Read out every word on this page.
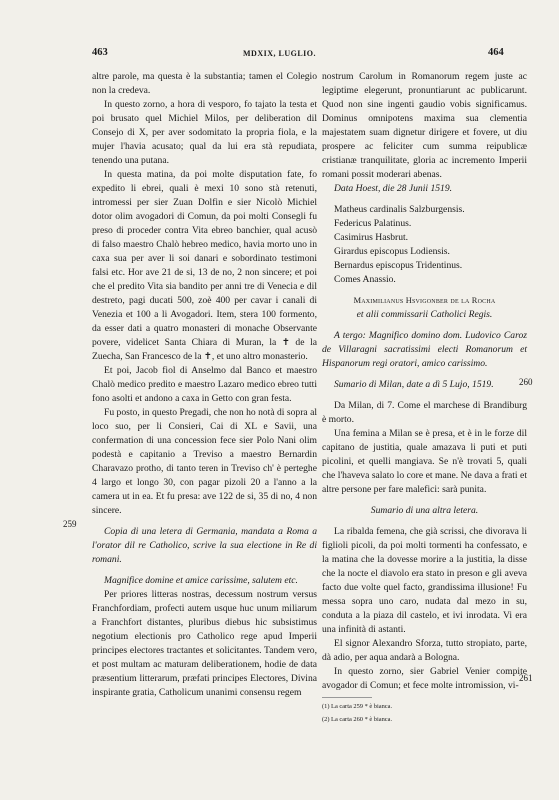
463	MDXIX, LUGLIO.	464
259
260
261

altre parole, ma questa è la substantia; tamen el Colegio non la credeva.

In questo zorno, a hora di vesporo, fo tajato la testa et poi brusato quel Michiel Milos, per deliberation dil Consejo di X, per aver sodomitato la propria fiola, e la mujer l'havia acusato; qual da lui era stà repudiata, tenendo una putana.

In questa matina, da poi molte disputation fate, fo expedito li ebrei, quali è mexi 10 sono stà retenuti, intromessi per sier Zuan Dolfin e sier Nicolò Michiel dotor olim avogadori di Comun, da poi molti Consegli fu preso di proceder contra Vita ebreo banchier, qual acusò di falso maestro Chalò hebreo medico, havia morto uno in caxa sua per aver li soi danari e sobordinato testimoni falsi etc. Hor ave 21 de si, 13 de no, 2 non sincere; et poi che el predito Vita sia bandito per anni tre di Venecia e dil destreto, pagi ducati 500, zoè 400 per cavar i canali di Venezia et 100 a li Avogadori. Item, stera 100 formento, da esser dati a quatro monasteri di monache Observante povere, videlicet Santa Chiara di Muran, la ✝ de la Zuecha, San Francesco de la ✝, et uno altro monasterio.

Et poi, Jacob fiol di Anselmo dal Banco et maestro Chalò medico predito e maestro Lazaro medico ebreo tutti fono asolti et andono a caxa in Getto con gran festa.

Fu posto, in questo Pregadi, che non ho notà di sopra al loco suo, per li Consieri, Cai di XL e Savii, una confermation di una concession fece sier Polo Nani olim podestà e capitanio a Treviso a maestro Bernardin Charavazo protho, di tanto teren in Treviso ch' è perteghe 4 largo et longo 30, con pagar pizoli 20 a l'anno a la camera ut in ea. Et fu presa: ave 122 de si, 35 di no, 4 non sincere.

Copia di una letera di Germania, mandata a Roma a l'orator dil re Catholico, scrive la sua electione in Re di romani.

Magnifice domine et amice carissime, salutem etc.

Per priores litteras nostras, decessum nostrum versus Franchfordiam, profecti autem usque huc unum miliarum a Franchfort distantes, pluribus diebus hic subsistimus negotium electionis pro Catholico rege apud Imperii principes electores tractantes et solicitantes. Tandem vero, et post multam ac maturam deliberationem, hodie de data præsentium litterarum, præfati principes Electores, Divina inspirante gratia, Catholicum unanimi consensu regem

nostrum Carolum in Romanorum regem juste ac legiptime elegerunt, pronuntiarunt ac publicarunt. Quod non sine ingenti gaudio vobis significamus. Dominus omnipotens maxima sua clementia majestatem suam dignetur dirigere et fovere, ut diu prospere ac feliciter cum summa reipublicæ cristianæ tranquilitate, gloria ac incremento Imperii romani possit moderari abenas.

Data Hoest, die 28 Junii 1519.

Matheus cardinalis Salzburgensis.

Federicus Palatinus.

Casimirus Hasbrut.

Girardus episcopus Lodiensis.

Bernardus episcopus Tridentinus.

Comes Anassio.

Maximilianus Hsvigonber de la Rocha

et alii commissarii Catholici Regis.

A tergo: Magnifico domino dom. Ludovico Caroz de Villaragni sacratissimi electi Romanorum et Hispanorum regi oratori, amico carissimo.

Sumario di Milan, date a dì 5 Lujo, 1519.

Da Milan, di 7. Come el marchese di Brandiburg è morto.

Una femina a Milan se è presa, et è in le forze dil capitano de justitia, quale amazava li puti et puti picolini, et quelli mangiava. Se n'è trovati 5, quali che l'haveva salato lo core et mane. Ne dava a frati et altre persone per fare malefici: sarà punita.

Sumario di una altra letera.

La ribalda femena, che già scrissi, che divorava li figlioli picoli, da poi molti tormenti ha confessato, e la matina che la dovesse morire a la justitia, la disse che la noctе el diavolo era stato in preson e gli aveva facto due volte quel facto, grandissima illusione! Fu messa sopra uno caro, nudata dal mezo in su, conduta a la piaza dil castelo, et ivi inrodata. Vi era una infinità di astanti.

El signor Alexandro Sforza, tutto stropiato, parte, dà adio, per aqua andarà a Bologna.

In questo zorno, sier Gabriel Venier compite avogador di Comun; et fece molte intromission, vi-

(1) La carta 259 * è bianca.
(2) La carta 260 * è bianca.
